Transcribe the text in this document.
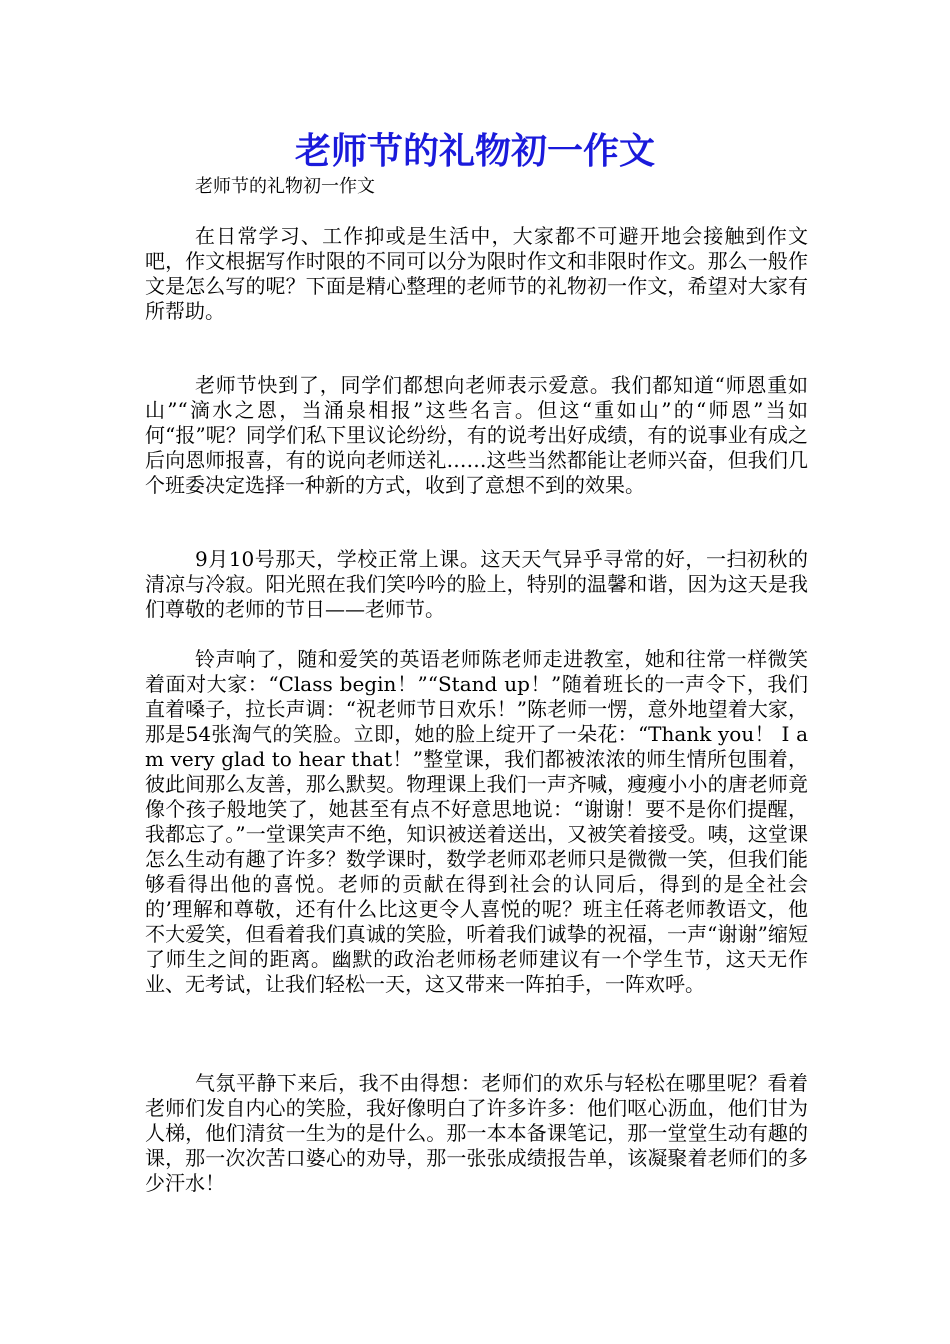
老师节的礼物初一作文

老师节的礼物初一作文

在日常学习、工作抑或是生活中，大家都不可避开地会接触到作文吧，作文根据写作时限的不同可以分为限时作文和非限时作文。那么一般作文是怎么写的呢？下面是精心整理的老师节的礼物初一作文，希望对大家有所帮助。

老师节快到了，同学们都想向老师表示爱意。我们都知道“师恩重如山”“滴水之恩，当涌泉相报”这些名言。但这“重如山”的“师恩”当如何“报”呢？同学们私下里议论纷纷，有的说考出好成绩，有的说事业有成之后向恩师报喜，有的说向老师送礼……这些当然都能让老师兴奋，但我们几个班委决定选择一种新的方式，收到了意想不到的效果。

9月10号那天，学校正常上课。这天天气异乎寻常的好，一扫初秋的清凉与冷寂。阳光照在我们笑吟吟的脸上，特别的温馨和谐，因为这天是我们尊敬的老师的节日——老师节。

铃声响了，随和爱笑的英语老师陈老师走进教室，她和往常一样微笑着面对大家：“Class begin！”“Stand up！”随着班长的一声令下，我们直着嗓子，拉长声调：“祝老师节日欢乐！”陈老师一愣，意外地望着大家，那是54张淘气的笑脸。立即，她的脸上绽开了一朵花：“Thank you！ I am very glad to hear that！”整堂课，我们都被浓浓的师生情所包围着，彼此间那么友善，那么默契。物理课上我们一声齐喊，瘦瘦小小的唐老师竟像个孩子般地笑了，她甚至有点不好意思地说：“谢谢！要不是你们提醒，我都忘了。”一堂课笑声不绝，知识被送着送出，又被笑着接受。咦，这堂课怎么生动有趣了许多？数学课时，数学老师邓老师只是微微一笑，但我们能够看得出他的喜悦。老师的贡献在得到社会的认同后，得到的是全社会的’理解和尊敬，还有什么比这更令人喜悦的呢？班主任蒋老师教语文，他不大爱笑，但看着我们真诚的笑脸，听着我们诚挚的祝福，一声“谢谢”缩短了师生之间的距离。幽默的政治老师杨老师建议有一个学生节，这天无作业、无考试，让我们轻松一天，这又带来一阵拍手，一阵欢呼。

气氛平静下来后，我不由得想：老师们的欢乐与轻松在哪里呢？看着老师们发自内心的笑脸，我好像明白了许多许多：他们呕心沥血，他们甘为人梯，他们清贫一生为的是什么。那一本本备课笔记，那一堂堂生动有趣的课，那一次次苦口婆心的劝导，那一张张成绩报告单，该凝聚着老师们的多少汗水！
